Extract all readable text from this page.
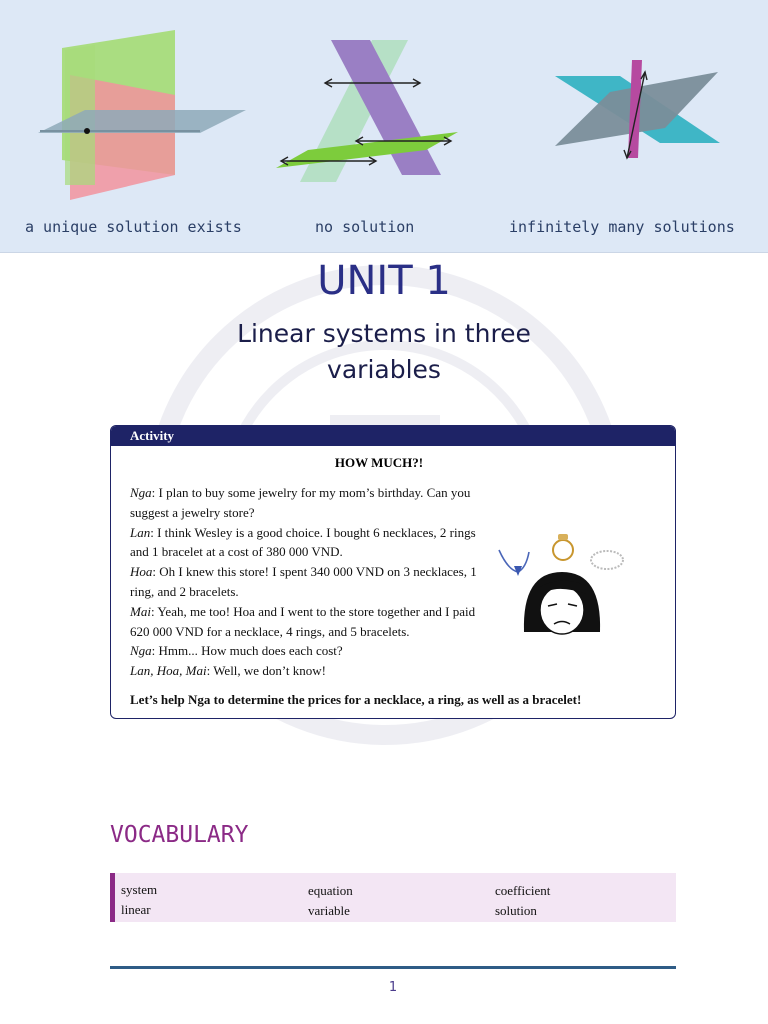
a unique solution exists	no solution	infinitely many solutions
UNIT 1
Linear systems in three
variables
Activity
HOW MUCH?!

Nga: I plan to buy some jewelry for my mom’s birthday. Can you suggest a jewelry store?

Lan: I think Wesley is a good choice. I bought 6 necklaces, 2 rings and 1 bracelet at a cost of 380 000 VND.

Hoa: Oh I knew this store! I spent 340 000 VND on 3 necklaces, 1 ring, and 2 bracelets.

Mai: Yeah, me too! Hoa and I went to the store together and I paid 620 000 VND for a necklace, 4 rings, and 5 bracelets.

Nga: Hmm... How much does each cost?

Lan, Hoa, Mai: Well, we don’t know!

Let’s help Nga to determine the prices for a necklace, a ring, as well as a bracelet!
VOCABULARY
system
linear
equation
variable
coefficient
solution
1
